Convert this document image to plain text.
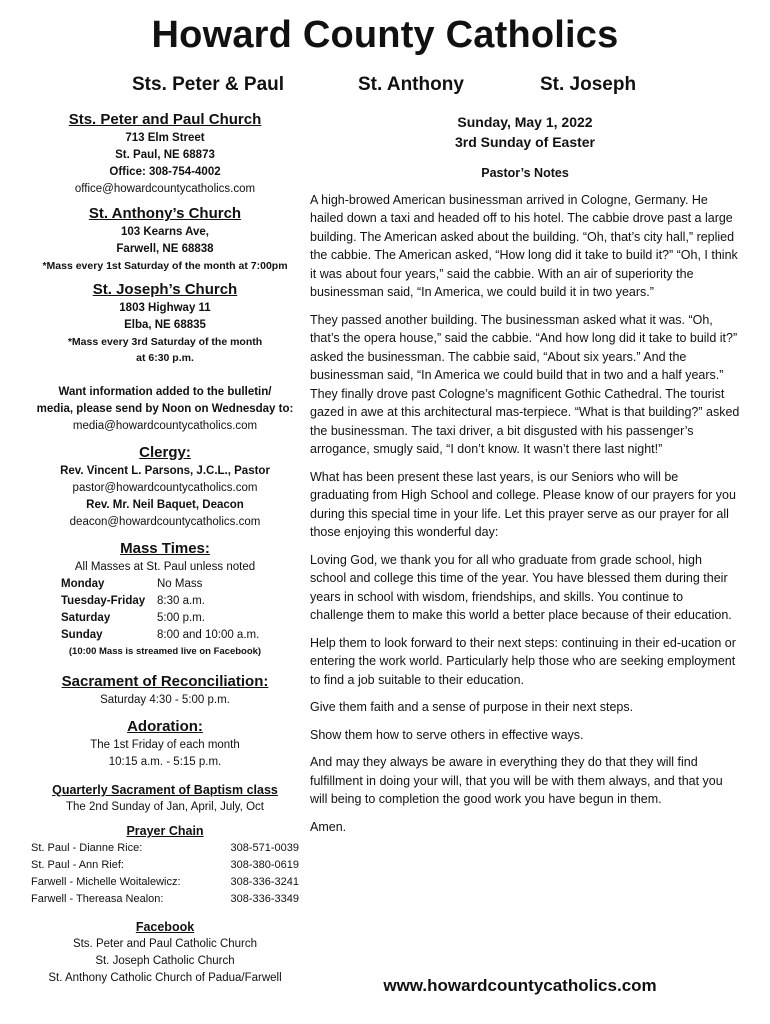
Howard County Catholics
Sts. Peter & Paul	St. Anthony	St. Joseph
Sts. Peter and Paul Church
713 Elm Street
St. Paul, NE 68873
Office: 308-754-4002
office@howardcountycatholics.com
St. Anthony’s Church
103 Kearns Ave,
Farwell, NE 68838
*Mass every 1st Saturday of the month at 7:00pm
St. Joseph’s Church
1803 Highway 11
Elba, NE 68835
*Mass every 3rd Saturday of the month
at 6:30 p.m.
Want information added to the bulletin/
media, please send by Noon on Wednesday to:
media@howardcountycatholics.com
Clergy:
Rev. Vincent L. Parsons, J.C.L., Pastor
pastor@howardcountycatholics.com
Rev. Mr. Neil Baquet, Deacon
deacon@howardcountycatholics.com
Mass Times:
All Masses at St. Paul unless noted
Monday	No Mass
Tuesday-Friday	8:30 a.m.
Saturday	5:00 p.m.
Sunday	8:00 and 10:00 a.m.
(10:00 Mass is streamed live on Facebook)
Sacrament of Reconciliation:
Saturday 4:30 - 5:00 p.m.
Adoration:
The 1st Friday of each month
10:15 a.m. - 5:15 p.m.
Quarterly Sacrament of Baptism class
The 2nd Sunday of Jan, April, July, Oct
Prayer Chain
St. Paul - Dianne Rice:	308-571-0039
St. Paul - Ann Rief:	308-380-0619
Farwell - Michelle Woitalewicz:	308-336-3241
Farwell - Thereasa Nealon:	308-336-3349
Facebook
Sts. Peter and Paul Catholic Church
St. Joseph Catholic Church
St. Anthony Catholic Church of Padua/Farwell
Sunday, May 1, 2022
3rd Sunday of Easter
Pastor’s Notes

A high-browed American businessman arrived in Cologne, Germany. He hailed down a taxi and headed off to his hotel. The cabbie drove past a large building. The American asked about the building. “Oh, that’s city hall,” replied the cabbie. The American asked, “How long did it take to build it?” “Oh, I think it was about four years,” said the cabbie. With an air of superiority the businessman said, “In America, we could build it in two years.”

They passed another building. The businessman asked what it was. “Oh, that’s the opera house,” said the cabbie. “And how long did it take to build it?” asked the businessman. The cabbie said, “About six years.” And the businessman said, “In America we could build that in two and a half years.” They finally drove past Cologne’s magnificent Gothic Cathedral. The tourist gazed in awe at this architectural mas-terpiece. “What is that building?” asked the businessman. The taxi driver, a bit disgusted with his passenger’s arrogance, smugly said, “I don’t know. It wasn’t there last night!”

What has been present these last years, is our Seniors who will be graduating from High School and college. Please know of our prayers for you during this special time in your life. Let this prayer serve as our prayer for all those enjoying this wonderful day:

Loving God, we thank you for all who graduate from grade school, high school and college this time of the year. You have blessed them during their years in school with wisdom, friendships, and skills. You continue to challenge them to make this world a better place because of their education.

Help them to look forward to their next steps: continuing in their ed-ucation or entering the work world. Particularly help those who are seeking employment to find a job suitable to their education.

Give them faith and a sense of purpose in their next steps.

Show them how to serve others in effective ways.

And may they always be aware in everything they do that they will find fulfillment in doing your will, that you will be with them always, and that you will being to completion the good work you have begun in them.

Amen.

www.howardcountycatholics.com
